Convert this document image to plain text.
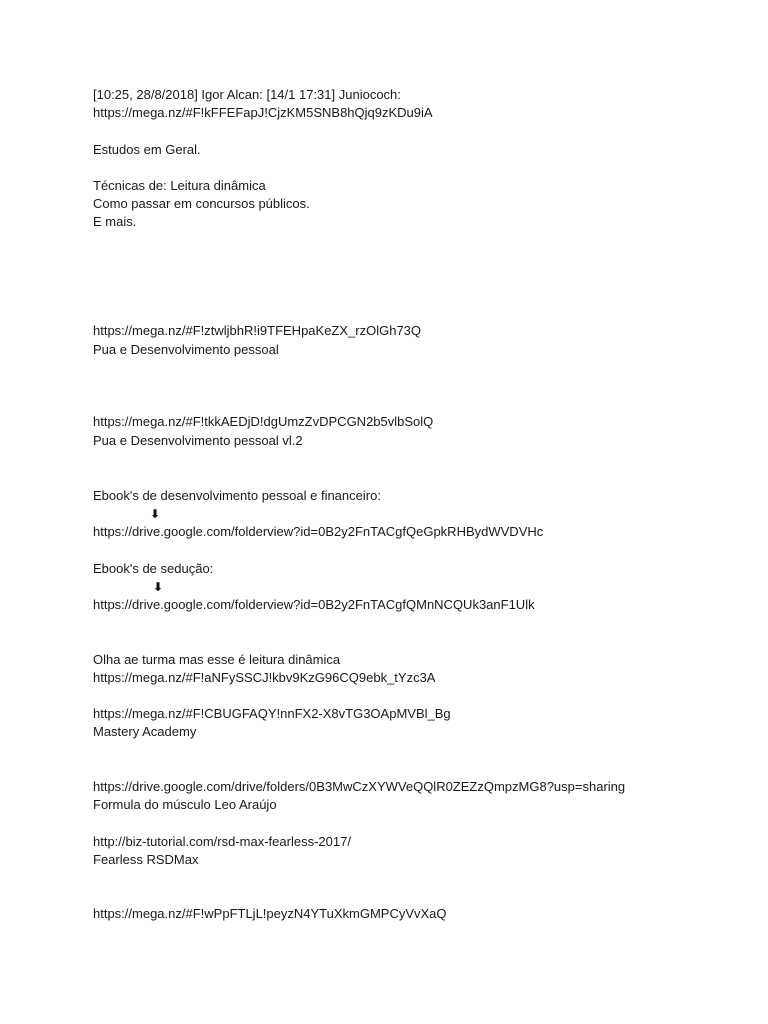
[10:25, 28/8/2018] Igor Alcan: [14/1 17:31] Juniococh:
https://mega.nz/#F!kFFEFapJ!CjzKM5SNB8hQjq9zKDu9iA
Estudos em Geral.
Técnicas de: Leitura dinâmica
Como passar em concursos públicos.
E mais.
https://mega.nz/#F!ztwljbhR!i9TFEHpaKeZX_rzOlGh73Q
Pua e Desenvolvimento pessoal
https://mega.nz/#F!tkkAEDjD!dgUmzZvDPCGN2b5vlbSolQ
Pua e Desenvolvimento pessoal vl.2
Ebook's de desenvolvimento pessoal e financeiro:
⬇
https://drive.google.com/folderview?id=0B2y2FnTACgfQeGpkRHBydWVDVHc
Ebook's de sedução:
⬇
https://drive.google.com/folderview?id=0B2y2FnTACgfQMnNCQUk3anF1Ulk
Olha ae turma mas esse é leitura dinâmica
https://mega.nz/#F!aNFySSCJ!kbv9KzG96CQ9ebk_tYzc3A
https://mega.nz/#F!CBUGFAQY!nnFX2-X8vTG3OApMVBl_Bg
Mastery Academy
https://drive.google.com/drive/folders/0B3MwCzXYWVeQQlR0ZEZzQmpzMG8?usp=sharing
Formula do músculo Leo Araújo
http://biz-tutorial.com/rsd-max-fearless-2017/
Fearless RSDMax
https://mega.nz/#F!wPpFTLjL!peyzN4YTuXkmGMPCyVvXaQ
